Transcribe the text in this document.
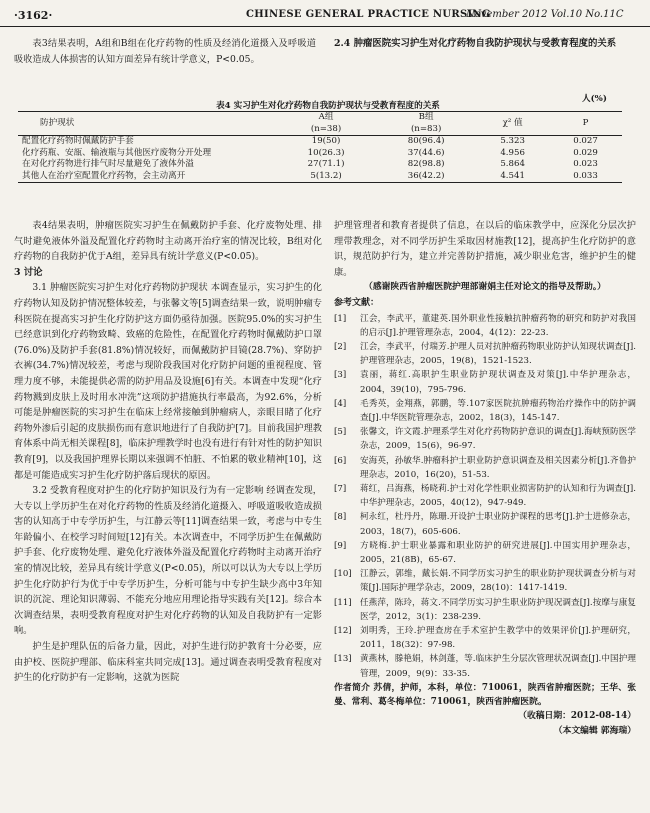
·3162·	CHINESE GENERAL PRACTICE NURSING
November 2012 Vol.10 No.11C

表3结果表明，A组和B组在化疗药物的性质及经消化道摄入及呼吸道吸收造成人体损害的认知方面差异有统计学意义，P<0.05。

2.4 肿瘤医院实习护生对化疗药物自我防护现状与受教育程度的关系

表4 实习护生对化疗药物自我防护现状与受教育程度的关系
人(%)
防护现状	A组	B组	χ² 值	P
	(n=38)	(n=83)		
配置化疗药物时佩戴防护手套	19(50)	80(96.4)	5.323	0.027
化疗药瓶、安瓿、输液瓶与其他医疗废物分开处理	10(26.3)	37(44.6)	4.956	0.029
在对化疗药物进行排气时尽量避免了液体外溢	27(71.1)	82(98.8)	5.864	0.023
其他人在治疗室配置化疗药物，会主动离开	5(13.2)	36(42.2)	4.541	0.033

表4结果表明，肿瘤医院实习护生在佩戴防护手套、化疗废物处理、排气时避免液体外溢及配置化疗药物时主动离开治疗室的情况比较，B组对化疗药物的自我防护优于A组，差异具有统计学意义(P<0.05)。

3 讨论

3.1 肿瘤医院实习护生对化疗药物防护现状 本调查显示，实习护生的化疗药物认知及防护情况整体较差，与张馨文等[5]调查结果一致，说明肿瘤专科医院在提高实习护生化疗防护这方面仍亟待加强。医院95.0%的实习护生已经意识到化疗药物致畸、致癌的危险性，在配置化疗药物时佩戴防护口罩(76.0%)及防护手套(81.8%)情况较好，而佩戴防护目镜(28.7%)、穿防护衣裤(34.7%)情况较差，考虑与现阶段我国对化疗防护问题的重视程度、管理力度不够，未能提供必需的防护用品及设施[6]有关。本调查中发现“化疗药物溅到皮肤上及时用水冲洗”这项防护措施执行率最高，为92.6%，分析可能是肿瘤医院的实习护生在临床上经常接触到肿瘤病人，亲眼目睹了化疗药物外渗后引起的皮肤损伤而有意识地进行了自我防护[7]。目前我国护理教育体系中尚无相关课程[8]，临床护理教学时也没有进行有针对性的防护知识教育[9]，以及我国护理界长期以来强调不怕脏、不怕累的敬业精神[10]，这都是可能造成实习护生化疗防护落后现状的原因。

3.2 受教育程度对护生的化疗防护知识及行为有一定影响 经调查发现，大专以上学历护生在对化疗药物的性质及经消化道摄入、呼吸道吸收造成损害的认知高于中专学历护生，与江静云等[11]调查结果一致，考虑与中专生年龄偏小、在校学习时间短[12]有关。本次调查中，不同学历护生在佩戴防护手套、化疗废物处理、避免化疗液体外溢及配置化疗药物时主动离开治疗室的情况比较，差异具有统计学意义(P<0.05)，所以可以认为大专以上学历护生化疗防护行为优于中专学历护生，分析可能与中专护生缺少高中3年知识的沉淀、理论知识薄弱、不能充分地应用理论指导实践有关[12]。综合本次调查结果，表明受教育程度对护生对化疗药物的认知及自我防护有一定影响。

护生是护理队伍的后备力量，因此，对护生进行防护教育十分必要，应由护校、医院护理部、临床科室共同完成[13]。通过调查表明受教育程度对护生的化疗防护有一定影响，这就为医院

护理管理者和教育者提供了信息，在以后的临床教学中，应深化分层次护理带教理念，对不同学历护生采取因材施教[12]，提高护生化疗防护的意识，规范防护行为，建立并完善防护措施，减少职业危害，维护护生的健康。

（感谢陕西省肿瘤医院护理部谢娟主任对论文的指导及帮助。）

参考文献：

[1]	江会，李武平，董建英.国外职业性接触抗肿瘤药物的研究和防护对我国的启示[J].护理管理杂志，2004，4(12)：22-23.
[2]	江会，李武平，付瑞芳.护理人员对抗肿瘤药物职业防护认知现状调查[J].护理管理杂志，2005，19(8)，1521-1523.
[3]	袁丽，蒋红.高职护生职业防护现状调查及对策[J].中华护理杂志，2004，39(10)，795-796.
[4]	毛秀英，金翔燕，郭鹏，等.107家医院抗肿瘤药物治疗操作中的防护调查[J].中华医院管理杂志，2002，18(3)，145-147.
[5]	张馨文，许文霞.护理系学生对化疗药物防护意识的调查[J].海峡预防医学杂志，2009，15(6)，96-97.
[6]	安海英，孙敏华.肿瘤科护士职业防护意识调查及相关因素分析[J].齐鲁护理杂志，2010，16(20)，51-53.
[7]	蒋红，吕海燕，杨晓莉.护士对化学性职业损害防护的认知和行为调查[J].中华护理杂志，2005，40(12)，947-949.
[8]	柯永红，杜丹丹，陈珊.开设护士职业防护课程的思考[J].护士进修杂志，2003，18(7)，605-606.
[9]	方晓梅.护士职业暴露和职业防护的研究进展[J].中国实用护理杂志，2005，21(8B)，65-67.
[10] 江静云，郭维，戴长娟.不同学历实习护生的职业防护现状调查分析与对策[J].国际护理学杂志，2009，28(10)：1417-1419.
[11] 任燕萍，陈玲，蒋文.不同学历实习护生职业防护现况调查[J].按摩与康复医学，2012，3(1)：238-239.
[12] 刘明秀，王玲.护理查房在手术室护生教学中的效果评价[J].护理研究，2011，18(32)：97-98.
[13] 黄燕林，滕艳娟，林剑蓬，等.临床护生分层次管理状况调查[J].中国护理管理，2009，9(9)：33-35.

作者简介 苏倩，护师，本科，单位：710061，陕西省肿瘤医院；王华、张曼、常利、葛冬梅单位：710061，陕西省肿瘤医院。

（收稿日期：2012-08-14）

（本文编辑 郭海瑞）
